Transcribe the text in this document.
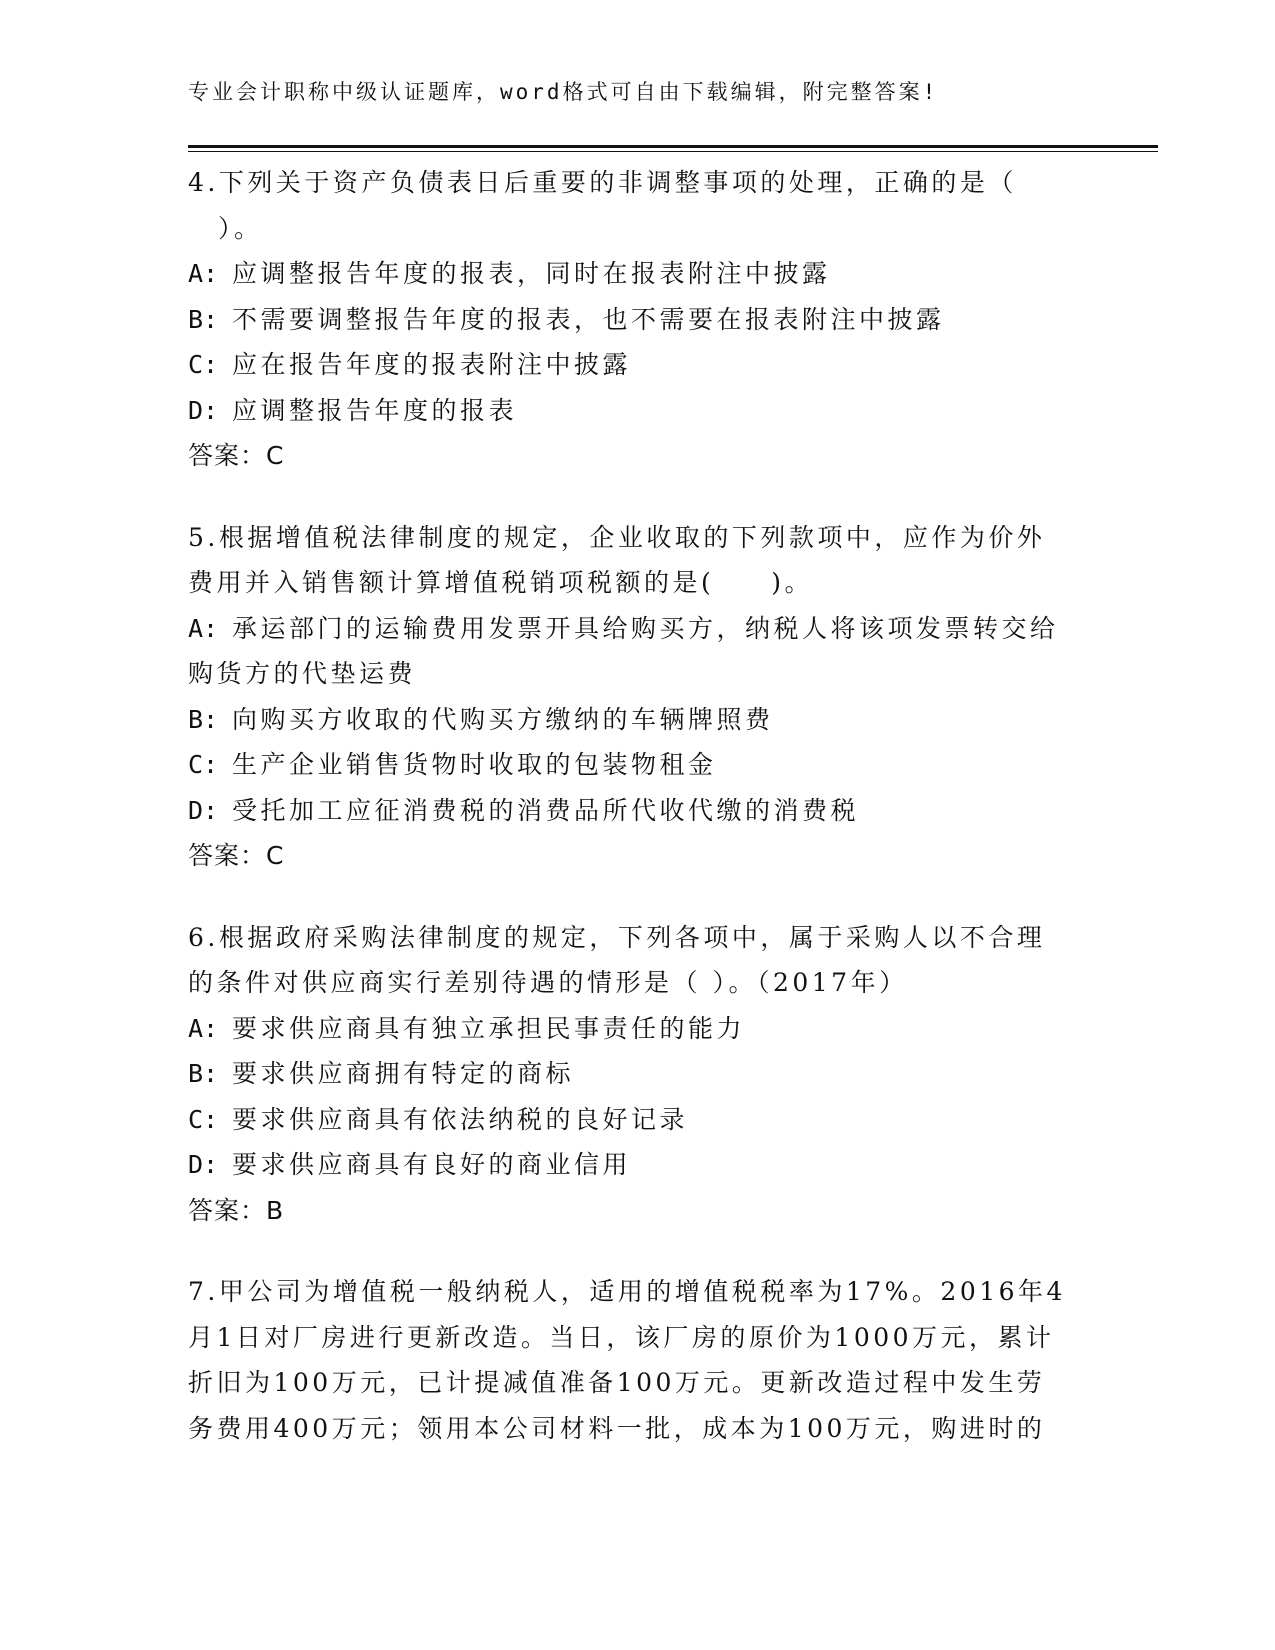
专业会计职称中级认证题库，word格式可自由下载编辑，附完整答案!
4.下列关于资产负债表日后重要的非调整事项的处理，正确的是（
）。
A: 应调整报告年度的报表，同时在报表附注中披露
B: 不需要调整报告年度的报表，也不需要在报表附注中披露
C: 应在报告年度的报表附注中披露
D: 应调整报告年度的报表
答案：C
5.根据增值税法律制度的规定，企业收取的下列款项中，应作为价外
费用并入销售额计算增值税销项税额的是(　　)。
A: 承运部门的运输费用发票开具给购买方，纳税人将该项发票转交给
购货方的代垫运费
B: 向购买方收取的代购买方缴纳的车辆牌照费
C: 生产企业销售货物时收取的包装物租金
D: 受托加工应征消费税的消费品所代收代缴的消费税
答案：C
6.根据政府采购法律制度的规定，下列各项中，属于采购人以不合理
的条件对供应商实行差别待遇的情形是（ ）。（2017年）
A: 要求供应商具有独立承担民事责任的能力
B: 要求供应商拥有特定的商标
C: 要求供应商具有依法纳税的良好记录
D: 要求供应商具有良好的商业信用
答案：B
7.甲公司为增值税一般纳税人，适用的增值税税率为17%。2016年4
月1日对厂房进行更新改造。当日，该厂房的原价为1000万元，累计
折旧为100万元，已计提减值准备100万元。更新改造过程中发生劳
务费用400万元；领用本公司材料一批，成本为100万元，购进时的
